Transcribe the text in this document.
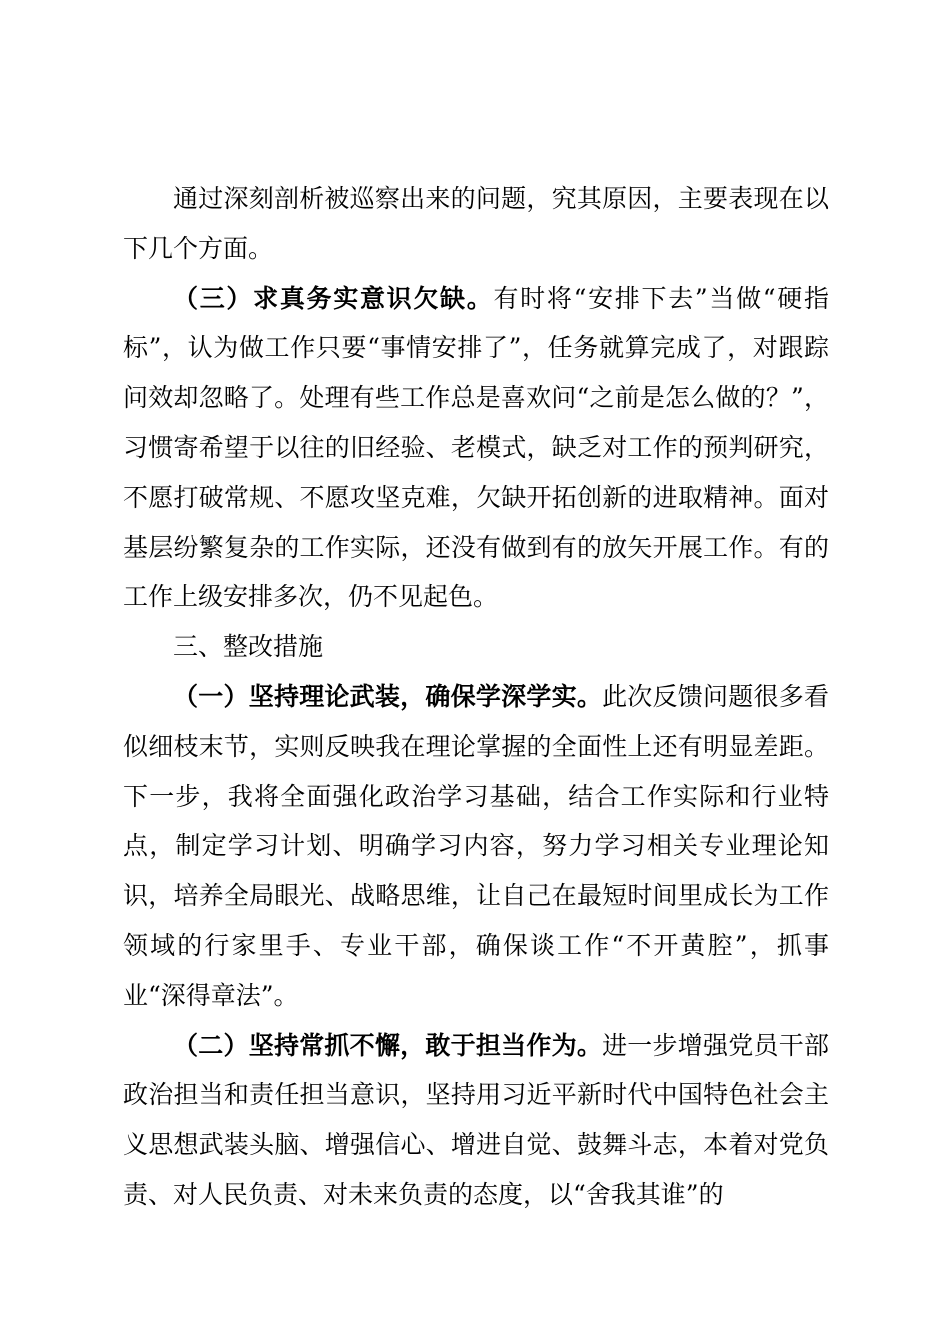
通过深刻剖析被巡察出来的问题，究其原因，主要表现在以下几个方面。

（三）求真务实意识欠缺。有时将“安排下去”当做“硬指标”，认为做工作只要“事情安排了”，任务就算完成了，对跟踪问效却忽略了。处理有些工作总是喜欢问“之前是怎么做的？”，习惯寄希望于以往的旧经验、老模式，缺乏对工作的预判研究，不愿打破常规、不愿攻坚克难，欠缺开拓创新的进取精神。面对基层纷繁复杂的工作实际，还没有做到有的放矢开展工作。有的工作上级安排多次，仍不见起色。

三、整改措施

（一）坚持理论武装，确保学深学实。此次反馈问题很多看似细枝末节，实则反映我在理论掌握的全面性上还有明显差距。下一步，我将全面强化政治学习基础，结合工作实际和行业特点，制定学习计划、明确学习内容，努力学习相关专业理论知识，培养全局眼光、战略思维，让自己在最短时间里成长为工作领域的行家里手、专业干部，确保谈工作“不开黄腔”，抓事业“深得章法”。

（二）坚持常抓不懈，敢于担当作为。进一步增强党员干部政治担当和责任担当意识，坚持用习近平新时代中国特色社会主义思想武装头脑、增强信心、增进自觉、鼓舞斗志，本着对党负责、对人民负责、对未来负责的态度，以“舍我其谁”的
